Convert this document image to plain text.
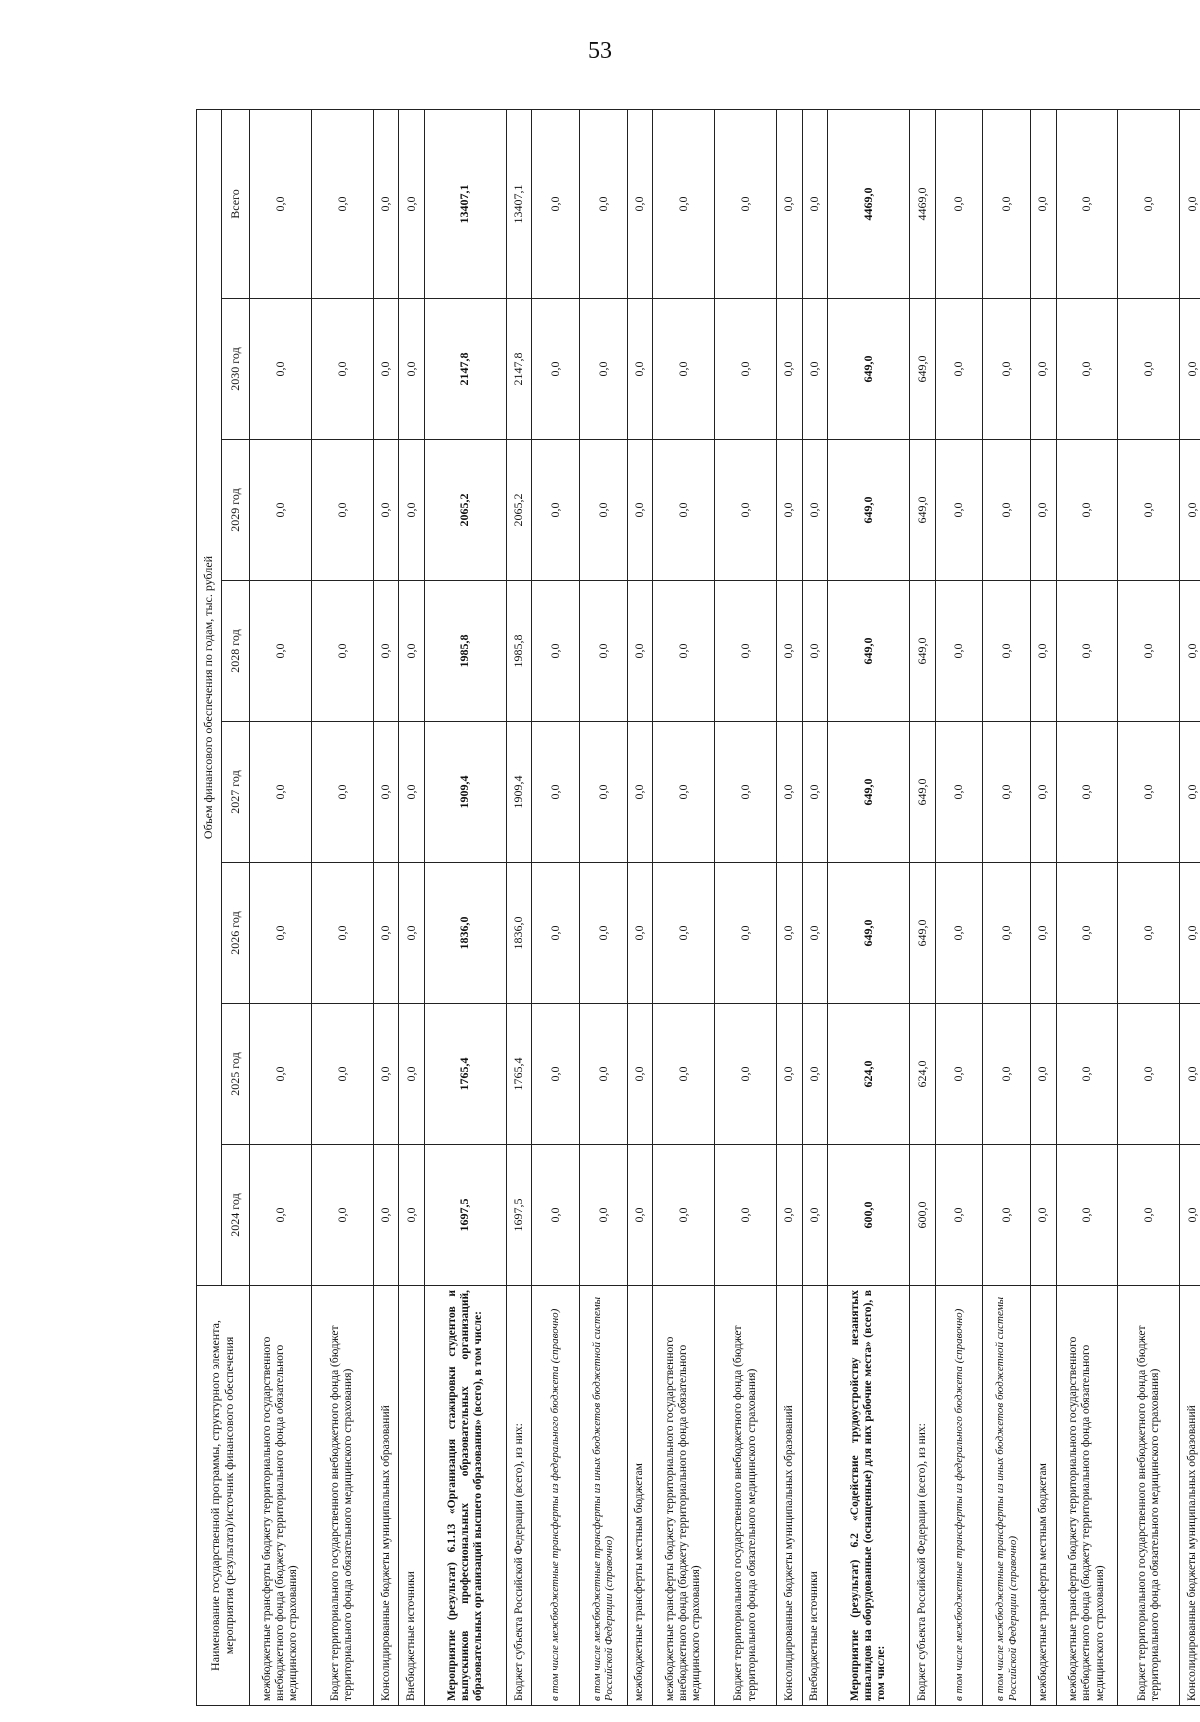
53
Наименование государственной программы, структурного элемента, мероприятия (результата)/источник финансового обеспечения	Объем финансового обеспечения по годам, тыс. рублей							
	2024 год	2025 год	2026 год	2027 год	2028 год	2029 год	2030 год	Всего
межбюджетные трансферты бюджету территориального государственного внебюджетного фонда (бюджету территориального фонда обязательного медицинского страхования)	0,0	0,0	0,0	0,0	0,0	0,0	0,0	0,0
Бюджет территориального государственного внебюджетного фонда (бюджет территориального фонда обязательного медицинского страхования)	0,0	0,0	0,0	0,0	0,0	0,0	0,0	0,0
Консолидированные бюджеты муниципальных образований	0,0	0,0	0,0	0,0	0,0	0,0	0,0	0,0
Внебюджетные источники	0,0	0,0	0,0	0,0	0,0	0,0	0,0	0,0
Мероприятие (результат) 6.1.13 «Организация стажировки студентов и выпускников профессиональных образовательных организаций, образовательных организаций высшего образования» (всего), в том числе:	1697,5	1765,4	1836,0	1909,4	1985,8	2065,2	2147,8	13407,1
Бюджет субъекта Российской Федерации (всего), из них:	1697,5	1765,4	1836,0	1909,4	1985,8	2065,2	2147,8	13407,1
в том числе межбюджетные трансферты из федерального бюджета (справочно)	0,0	0,0	0,0	0,0	0,0	0,0	0,0	0,0
в том числе межбюджетные трансферты из иных бюджетов бюджетной системы Российской Федерации (справочно)	0,0	0,0	0,0	0,0	0,0	0,0	0,0	0,0
межбюджетные трансферты местным бюджетам	0,0	0,0	0,0	0,0	0,0	0,0	0,0	0,0
межбюджетные трансферты бюджету территориального государственного внебюджетного фонда (бюджету территориального фонда обязательного медицинского страхования)	0,0	0,0	0,0	0,0	0,0	0,0	0,0	0,0
Бюджет территориального государственного внебюджетного фонда (бюджет территориального фонда обязательного медицинского страхования)	0,0	0,0	0,0	0,0	0,0	0,0	0,0	0,0
Консолидированные бюджеты муниципальных образований	0,0	0,0	0,0	0,0	0,0	0,0	0,0	0,0
Внебюджетные источники	0,0	0,0	0,0	0,0	0,0	0,0	0,0	0,0
Мероприятие (результат) 6.2 «Содействие трудоустройству незанятых инвалидов на оборудованные (оснащенные) для них рабочие места» (всего), в том числе:	600,0	624,0	649,0	649,0	649,0	649,0	649,0	4469,0
Бюджет субъекта Российской Федерации (всего), из них:	600,0	624,0	649,0	649,0	649,0	649,0	649,0	4469,0
в том числе межбюджетные трансферты из федерального бюджета (справочно)	0,0	0,0	0,0	0,0	0,0	0,0	0,0	0,0
в том числе межбюджетные трансферты из иных бюджетов бюджетной системы Российской Федерации (справочно)	0,0	0,0	0,0	0,0	0,0	0,0	0,0	0,0
межбюджетные трансферты местным бюджетам	0,0	0,0	0,0	0,0	0,0	0,0	0,0	0,0
межбюджетные трансферты бюджету территориального государственного внебюджетного фонда (бюджету территориального фонда обязательного медицинского страхования)	0,0	0,0	0,0	0,0	0,0	0,0	0,0	0,0
Бюджет территориального государственного внебюджетного фонда (бюджет территориального фонда обязательного медицинского страхования)	0,0	0,0	0,0	0,0	0,0	0,0	0,0	0,0
Консолидированные бюджеты муниципальных образований	0,0	0,0	0,0	0,0	0,0	0,0	0,0	0,0
